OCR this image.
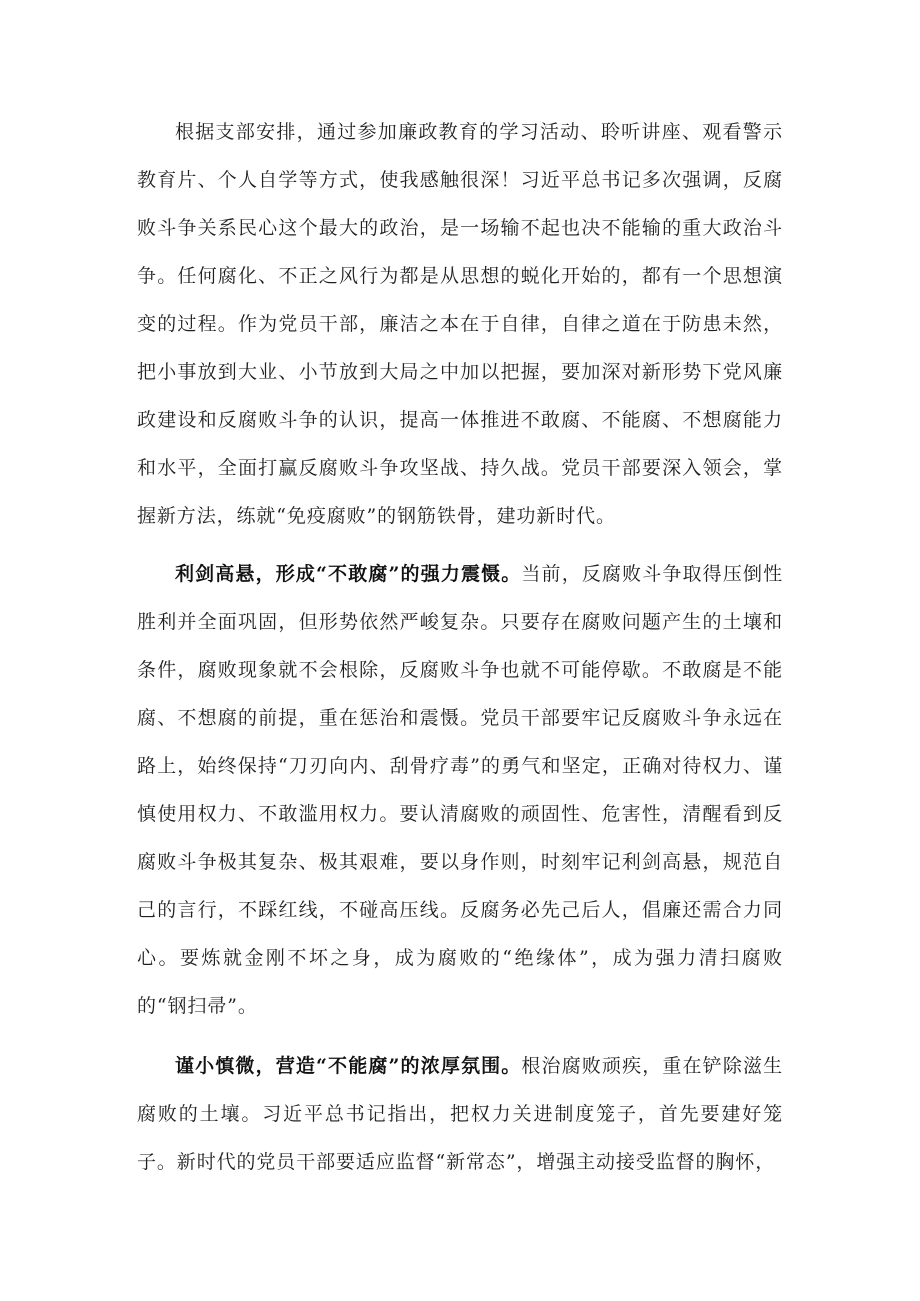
根据支部安排，通过参加廉政教育的学习活动、聆听讲座、观看警示教育片、个人自学等方式，使我感触很深！习近平总书记多次强调，反腐败斗争关系民心这个最大的政治，是一场输不起也决不能输的重大政治斗争。任何腐化、不正之风行为都是从思想的蜕化开始的，都有一个思想演变的过程。作为党员干部，廉洁之本在于自律，自律之道在于防患未然，把小事放到大业、小节放到大局之中加以把握，要加深对新形势下党风廉政建设和反腐败斗争的认识，提高一体推进不敢腐、不能腐、不想腐能力和水平，全面打赢反腐败斗争攻坚战、持久战。党员干部要深入领会，掌握新方法，练就“免疫腐败”的钢筋铁骨，建功新时代。

利剑高悬，形成“不敢腐”的强力震慑。当前，反腐败斗争取得压倒性胜利并全面巩固，但形势依然严峻复杂。只要存在腐败问题产生的土壤和条件，腐败现象就不会根除，反腐败斗争也就不可能停歇。不敢腐是不能腐、不想腐的前提，重在惩治和震慑。党员干部要牢记反腐败斗争永远在路上，始终保持“刀刃向内、刮骨疗毒”的勇气和坚定，正确对待权力、谨慎使用权力、不敢滥用权力。要认清腐败的顽固性、危害性，清醒看到反腐败斗争极其复杂、极其艰难，要以身作则，时刻牢记利剑高悬，规范自己的言行，不踩红线，不碰高压线。反腐务必先己后人，倡廉还需合力同心。要炼就金刚不坏之身，成为腐败的“绝缘体”，成为强力清扫腐败的“钢扫帚”。

谨小慎微，营造“不能腐”的浓厚氛围。根治腐败顽疾，重在铲除滋生腐败的土壤。习近平总书记指出，把权力关进制度笼子，首先要建好笼子。新时代的党员干部要适应监督“新常态”，增强主动接受监督的胸怀，
